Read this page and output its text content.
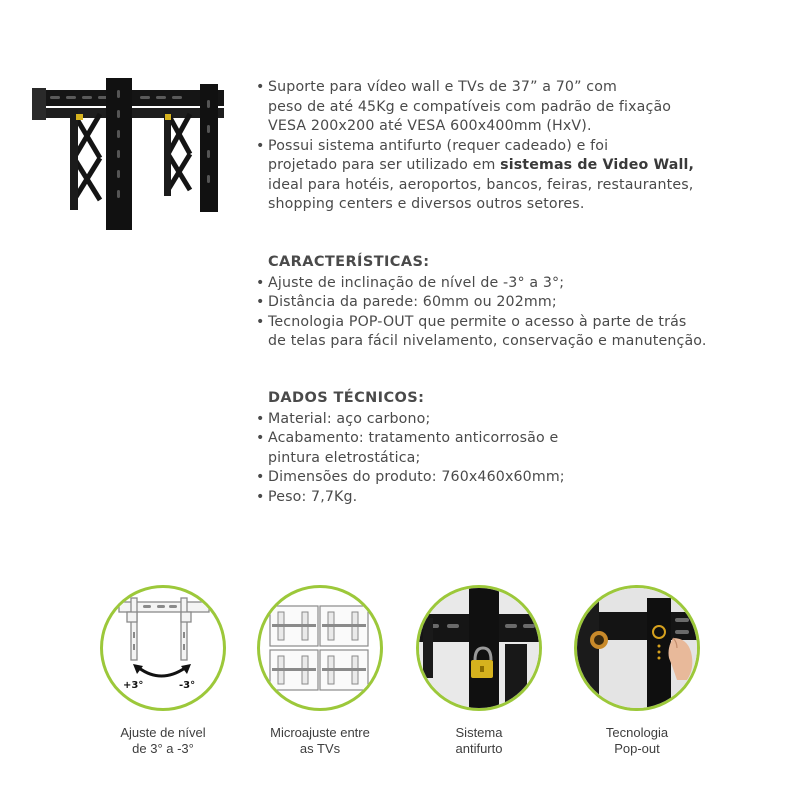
• Suporte para vídeo wall e TVs de 37” a 70” com
peso de até 45Kg e compatíveis com padrão de fixação
VESA 200x200 até VESA 600x400mm (HxV).
• Possui sistema antifurto (requer cadeado) e foi
projetado para ser utilizado em sistemas de Video Wall,
ideal para hotéis, aeroportos, bancos, feiras, restaurantes,
shopping centers e diversos outros setores.
CARACTERÍSTICAS:
• Ajuste de inclinação de nível de -3° a 3°;
• Distância da parede: 60mm ou 202mm;
• Tecnologia POP-OUT que permite o acesso à parte de trás
de telas para fácil nivelamento, conservação e manutenção.
DADOS TÉCNICOS:
• Material: aço carbono;
• Acabamento: tratamento anticorrosão e
pintura eletrostática;
• Dimensões do produto: 760x460x60mm;
• Peso: 7,7Kg.
+3°	-3°
Ajuste de nível
de 3° a -3°
Microajuste entre
as TVs
Sistema
antifurto
Tecnologia
Pop-out
